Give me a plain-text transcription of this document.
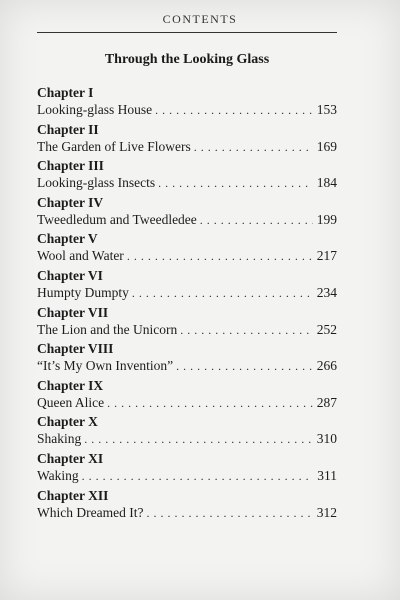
CONTENTS
Through the Looking Glass
Chapter I
Looking-glass House . . .	153
Chapter II
The Garden of Live Flowers . . .	169
Chapter III
Looking-glass Insects . . .	184
Chapter IV
Tweedledum and Tweedledee . . .	199
Chapter V
Wool and Water . . .	217
Chapter VI
Humpty Dumpty . . .	234
Chapter VII
The Lion and the Unicorn . . .	252
Chapter VIII
“It’s My Own Invention” . . .	266
Chapter IX
Queen Alice . . .	287
Chapter X
Shaking . . .	310
Chapter XI
Waking . . .	311
Chapter XII
Which Dreamed It? . . .	312
